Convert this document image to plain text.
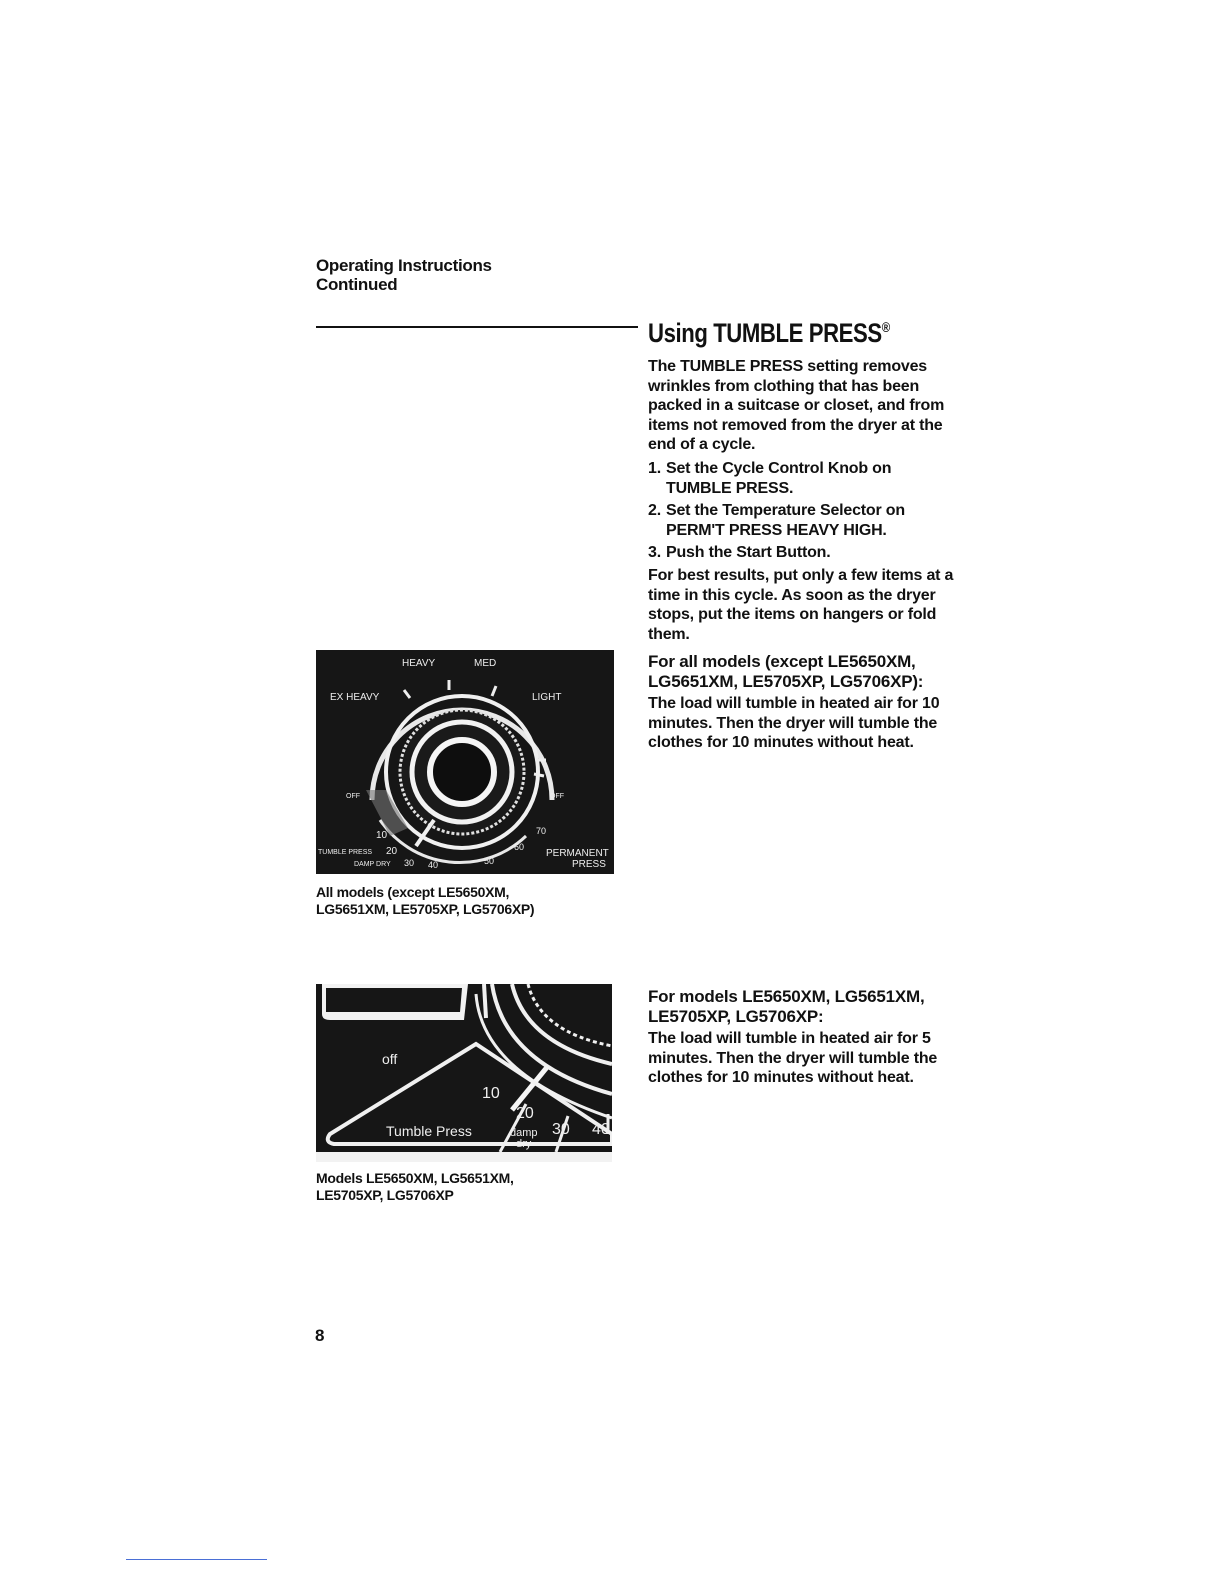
Operating Instructions
Continued
Using TUMBLE PRESS®

The TUMBLE PRESS setting removes wrinkles from clothing that has been packed in a suitcase or closet, and from items not removed from the dryer at the end of a cycle.

1. Set the Cycle Control Knob on TUMBLE PRESS.
2. Set the Temperature Selector on PERM'T PRESS HEAVY HIGH.
3. Push the Start Button.

For best results, put only a few items at a time in this cycle. As soon as the dryer stops, put the items on hangers or fold them.

For all models (except LE5650XM, LG5651XM, LE5705XP, LG5706XP):

The load will tumble in heated air for 10 minutes. Then the dryer will tumble the clothes for 10 minutes without heat.

For models LE5650XM, LG5651XM, LE5705XP, LG5706XP:

The load will tumble in heated air for 5 minutes. Then the dryer will tumble the clothes for 10 minutes without heat.

HEAVY	MED
EX HEAVY	LIGHT
OFF	OFF
10	70
60
TUMBLE PRESS 20
DAMP DRY 30 40	50
PERMANENT
PRESS
All models (except LE5650XM,
LG5651XM, LE5705XP, LG5706XP)
off
10
20
30 40
Tumble Press	damp
dry
Models LE5650XM, LG5651XM,
LE5705XP, LG5706XP
8
